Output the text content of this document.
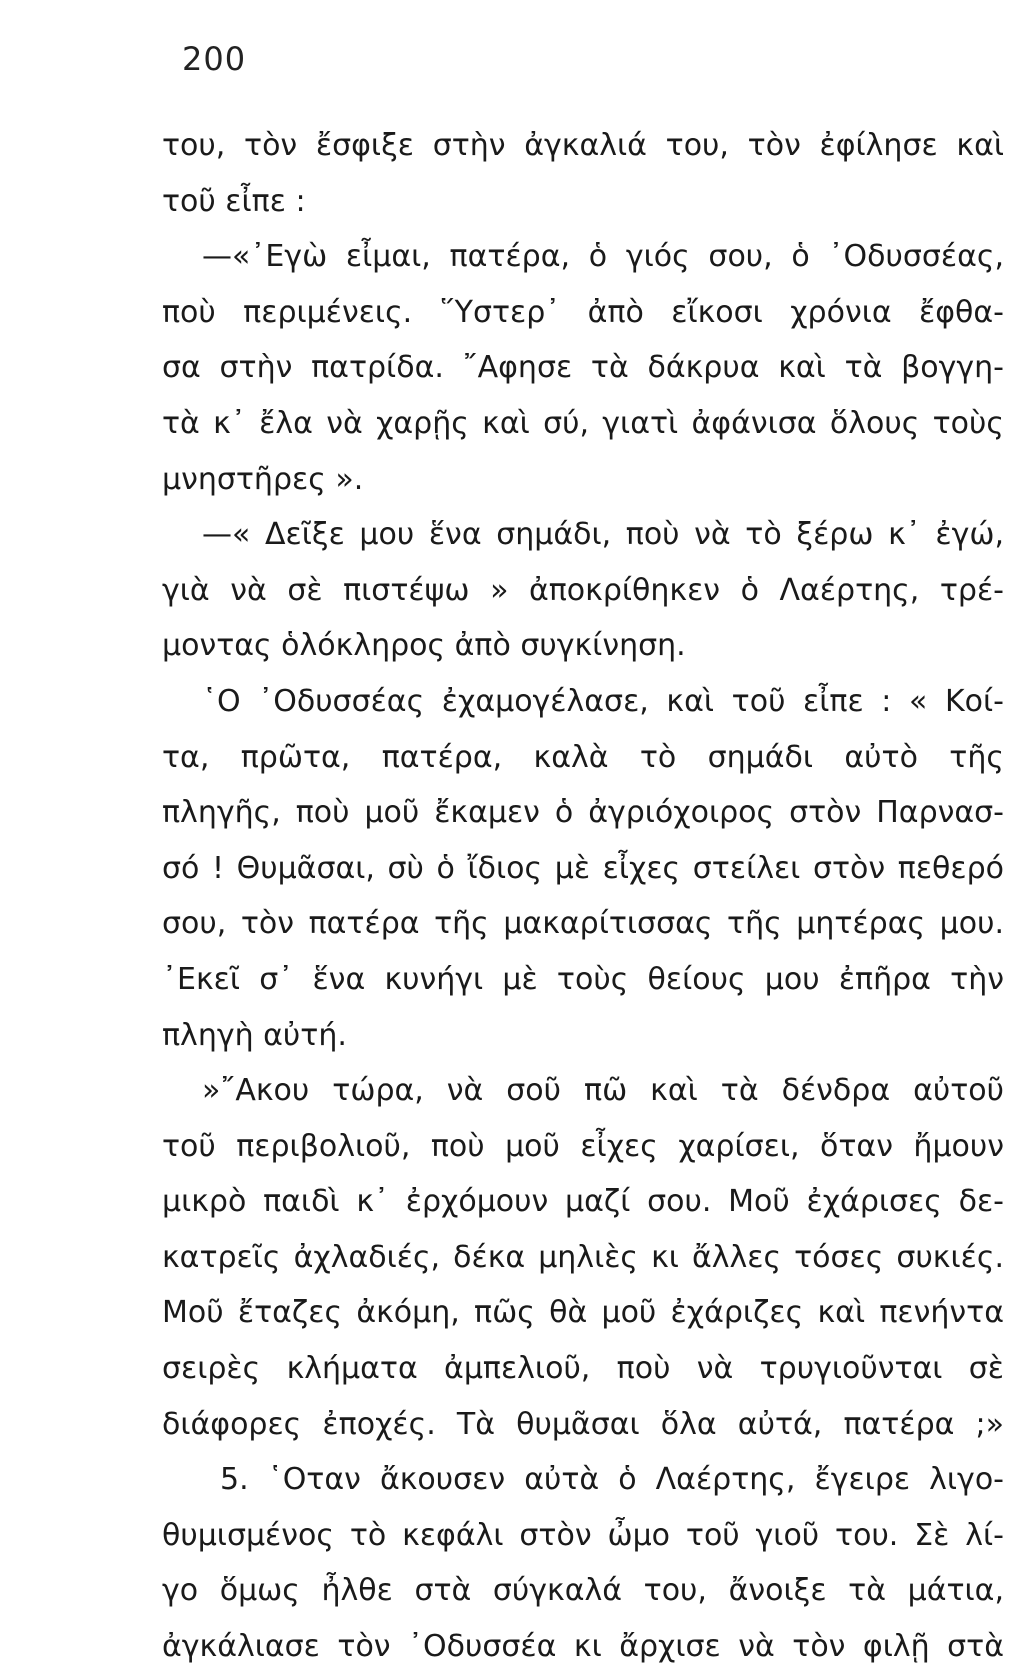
200
του, τὸν ἔσφιξε στὴν ἀγκαλιά του, τὸν ἐφίλησε καὶ
τοῦ εἶπε :
—«᾽Εγὼ εἶμαι, πατέρα, ὁ γιός σου, ὁ ᾽Οδυσσέας,
ποὺ περιμένεις. ῞Υστερ᾽ ἀπὸ εἴκοσι χρόνια ἔφθα-
σα στὴν πατρίδα. ῎Αφησε τὰ δάκρυα καὶ τὰ βογγη-
τὰ κ᾽ ἔλα νὰ χαρῇς καὶ σύ, γιατὶ ἀφάνισα ὅλους τοὺς
μνηστῆρες ».
—« Δεῖξε μου ἕνα σημάδι, ποὺ νὰ τὸ ξέρω κ᾽ ἐγώ,
γιὰ νὰ σὲ πιστέψω » ἀποκρίθηκεν ὁ Λαέρτης, τρέ-
μοντας ὁλόκληρος ἀπὸ συγκίνηση.
῾Ο ᾽Οδυσσέας ἐχαμογέλασε, καὶ τοῦ εἶπε : « Κοί-
τα, πρῶτα, πατέρα, καλὰ τὸ σημάδι αὐτὸ τῆς
πληγῆς, ποὺ μοῦ ἔκαμεν ὁ ἀγριόχοιρος στὸν Παρνασ-
σό ! Θυμᾶσαι, σὺ ὁ ἴδιος μὲ εἶχες στείλει στὸν πεθερό
σου, τὸν πατέρα τῆς μακαρίτισσας τῆς μητέρας μου.
᾽Εκεῖ σ᾽ ἕνα κυνήγι μὲ τοὺς θείους μου ἐπῆρα τὴν
πληγὴ αὐτή.
»῎Ακου τώρα, νὰ σοῦ πῶ καὶ τὰ δένδρα αὐτοῦ
τοῦ περιβολιοῦ, ποὺ μοῦ εἶχες χαρίσει, ὅταν ἤμουν
μικρὸ παιδὶ κ᾽ ἐρχόμουν μαζί σου. Μοῦ ἐχάρισες δε-
κατρεῖς ἀχλαδιές, δέκα μηλιὲς κι ἄλλες τόσες συκιές.
Μοῦ ἔταζες ἀκόμη, πῶς θὰ μοῦ ἐχάριζες καὶ πενήντα
σειρὲς κλήματα ἀμπελιοῦ, ποὺ νὰ τρυγιοῦνται σὲ
διάφορες ἐποχές. Τὰ θυμᾶσαι ὅλα αὐτά, πατέρα ;»
5. ῾Οταν ἄκουσεν αὐτὰ ὁ Λαέρτης, ἔγειρε λιγο-
θυμισμένος τὸ κεφάλι στὸν ὦμο τοῦ γιοῦ του. Σὲ λί-
γο ὅμως ἦλθε στὰ σύγκαλά του, ἄνοιξε τὰ μάτια,
ἀγκάλιασε τὸν ᾽Οδυσσέα κι ἄρχισε νὰ τὸν φιλῇ στὰ
